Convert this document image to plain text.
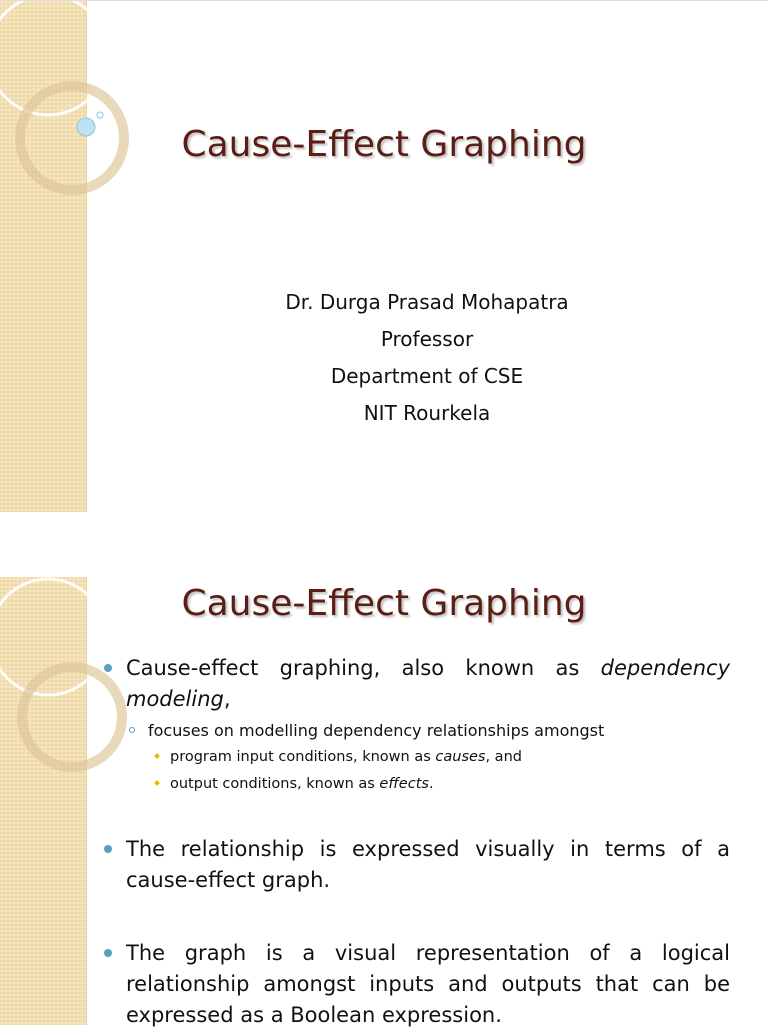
Cause-Effect Graphing
Dr. Durga Prasad Mohapatra
Professor
Department of CSE
NIT Rourkela
Cause-Effect Graphing
Cause-effect graphing, also known as dependency modeling,
focuses on modelling dependency relationships amongst
program input conditions, known as causes, and
output conditions, known as effects.
The relationship is expressed visually in terms of a cause-effect graph.
The graph is a visual representation of a logical relationship amongst inputs and outputs that can be expressed as a Boolean expression.
